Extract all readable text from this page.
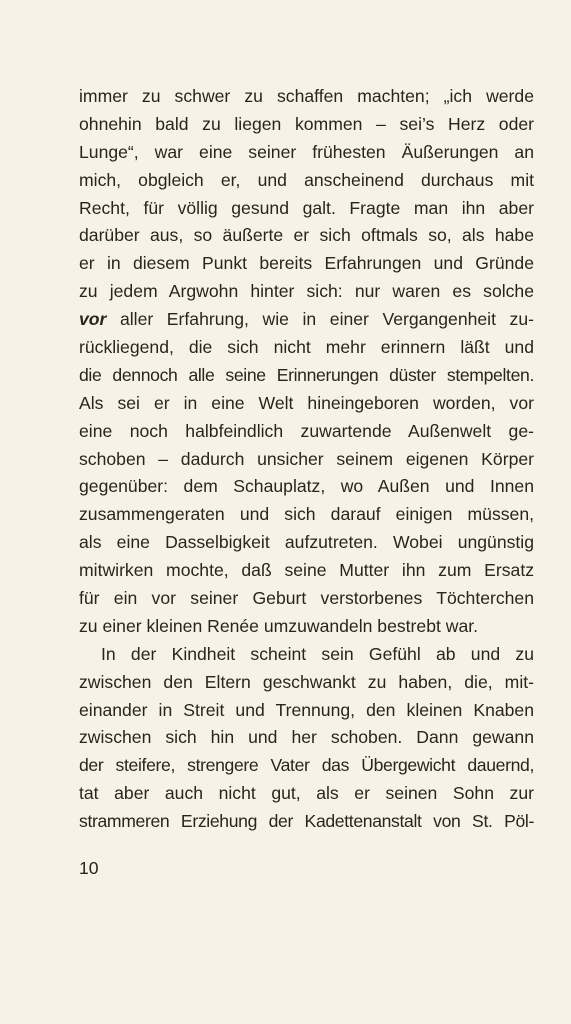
immer zu schwer zu schaffen machten; „ich werde
ohnehin bald zu liegen kommen – sei’s Herz oder
Lunge“, war eine seiner frühesten Äußerungen an
mich, obgleich er, und anscheinend durchaus mit
Recht, für völlig gesund galt. Fragte man ihn aber
darüber aus, so äußerte er sich oftmals so, als habe
er in diesem Punkt bereits Erfahrungen und Gründe
zu jedem Argwohn hinter sich: nur waren es solche
vor aller Erfahrung, wie in einer Vergangenheit zu-
rückliegend, die sich nicht mehr erinnern läßt und
die dennoch alle seine Erinnerungen düster stempelten.
Als sei er in eine Welt hineingeboren worden, vor
eine noch halbfeindlich zuwartende Außenwelt ge-
schoben – dadurch unsicher seinem eigenen Körper
gegenüber: dem Schauplatz, wo Außen und Innen
zusammengeraten und sich darauf einigen müssen,
als eine Dasselbigkeit aufzutreten. Wobei ungünstig
mitwirken mochte, daß seine Mutter ihn zum Ersatz
für ein vor seiner Geburt verstorbenes Töchterchen
zu einer kleinen Renée umzuwandeln bestrebt war.
In der Kindheit scheint sein Gefühl ab und zu
zwischen den Eltern geschwankt zu haben, die, mit-
einander in Streit und Trennung, den kleinen Knaben
zwischen sich hin und her schoben. Dann gewann
der steifere, strengere Vater das Übergewicht dauernd,
tat aber auch nicht gut, als er seinen Sohn zur
strammeren Erziehung der Kadettenanstalt von St. Pöl-
10
